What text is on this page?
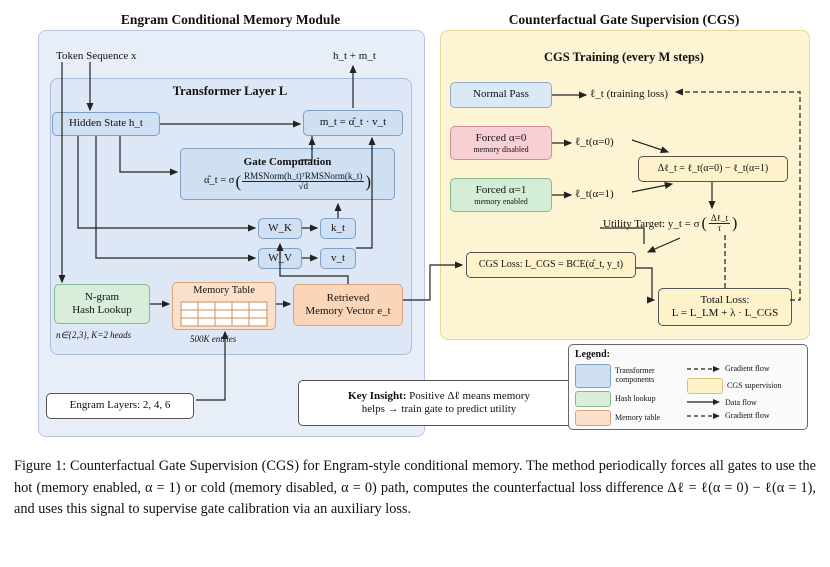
Engram Conditional Memory Module
Transformer Layer L
Token Sequence x	h_t + m_t
Hidden State h_t	m_t = α̂_t · v_t
Gate Computation
α̂_t = σ ( $\frac{\text{RMSNorm(h\_t)ᵀRMSNorm(k\_t)}}{√d}$ )
W_K	k_t
W_V	v_t
N-gram
Hash Lookup
n∈{2,3}, K=2 heads
Memory Table
500K entries
Retrieved
Memory Vector e_t
Engram Layers: 2, 4, 6
Key Insight: Positive Δℓ means memory
helps → train gate to predict utility
Counterfactual Gate Supervision (CGS)
CGS Training (every M steps)
Normal Pass	ℓ_t (training loss)
Forced α=0
memory disabled
ℓ_t(α=0)
Forced α=1
memory enabled
ℓ_t(α=1)
Δℓ_t = ℓ_t(α=0) − ℓ_t(α=1)
Utility Target: y_t = σ ( $\frac{\text{Δℓ\_t}}{\tau}$ )
CGS Loss: L_CGS = BCE(α̂_t, y_t)
Total Loss:
L = L_LM + λ · L_CGS
Legend:
Transformer
components
Hash lookup
Memory table
Gradient flow
CGS supervision
Data flow
Gradient flow
Figure 1: Counterfactual Gate Supervision (CGS) for Engram-style conditional memory. The method periodically forces all gates to use the hot (memory enabled, α = 1) or cold (memory disabled, α = 0) path, computes the counterfactual loss difference Δℓ = ℓ(α = 0) − ℓ(α = 1), and uses this signal to supervise gate calibration via an auxiliary loss.
